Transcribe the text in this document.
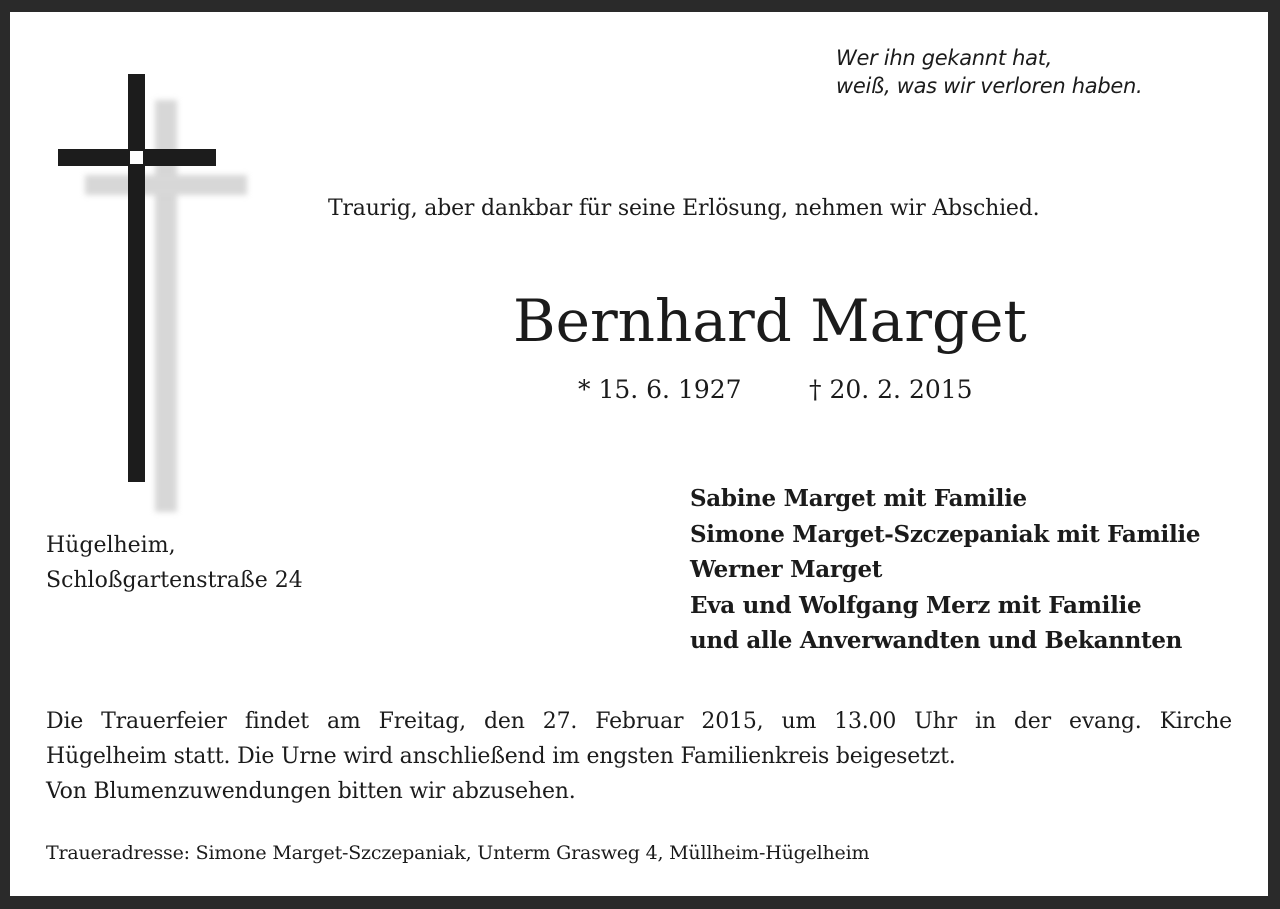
Wer ihn gekannt hat,
weiß, was wir verloren haben.
Traurig, aber dankbar für seine Erlösung, nehmen wir Abschied.
Bernhard Marget
* 15. 6. 1927	† 20. 2. 2015
Hügelheim,
Schloßgartenstraße 24
Sabine Marget mit Familie
Simone Marget-Szczepaniak mit Familie
Werner Marget
Eva und Wolfgang Merz mit Familie
und alle Anverwandten und Bekannten
Die Trauerfeier findet am Freitag, den 27. Februar 2015, um 13.00 Uhr in der evang. Kirche
Hügelheim statt. Die Urne wird anschließend im engsten Familienkreis beigesetzt.
Von Blumenzuwendungen bitten wir abzusehen.
Traueradresse: Simone Marget-Szczepaniak, Unterm Grasweg 4, Müllheim-Hügelheim
